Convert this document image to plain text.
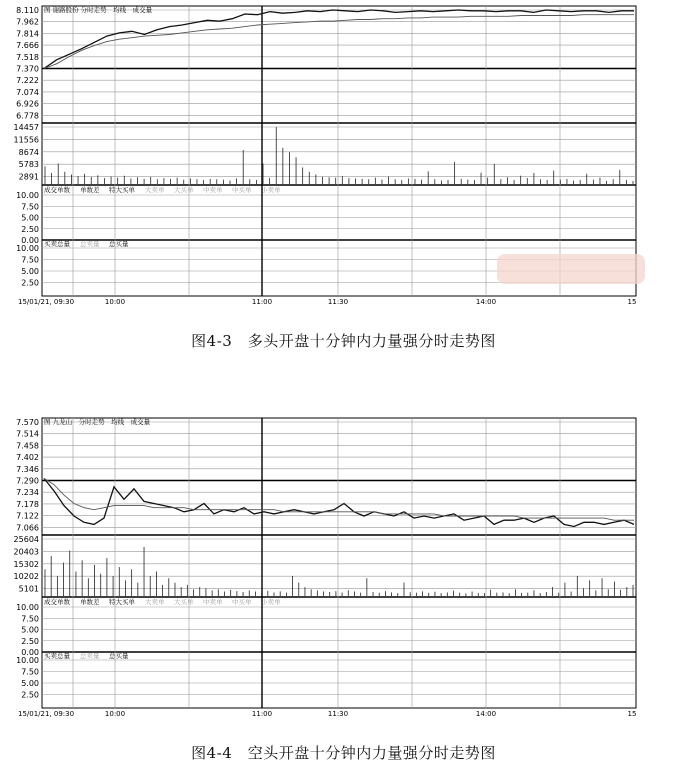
8.110
7.962
7.814
7.666
7.518
7.370
7.222
7.074
6.926
6.778
14457
11556
8674
5783
2891
10.00
7.50
5.00
2.50
0.00
成交单数 单数差 特大买单 大卖单 大买单 中卖单 中买单 小卖单
10.00
7.50
5.00
2.50
买卖总量 总卖量 总买量
图 谢路股份 分时走势　均线　成交量
15/01/21, 09:30	10:00	11:00	11:30	14:00	15
图4-3　多头开盘十分钟内力量强分时走势图
7.570
7.514
7.458
7.402
7.346
7.290
7.234
7.178
7.122
7.066
25604
20403
15302
10202
5101
10.00
7.50
5.00
2.50
0.00
成交单数 单数差 特大买单 大卖单 大买单 中卖单 中买单 小卖单
10.00
7.50
5.00
2.50
买卖总量 总卖量 总买量
图 九龙山　分时走势　均线　成交量
15/01/21, 09:30	10:00	11:00	11:30	14:00	15
图4-4　空头开盘十分钟内力量强分时走势图
